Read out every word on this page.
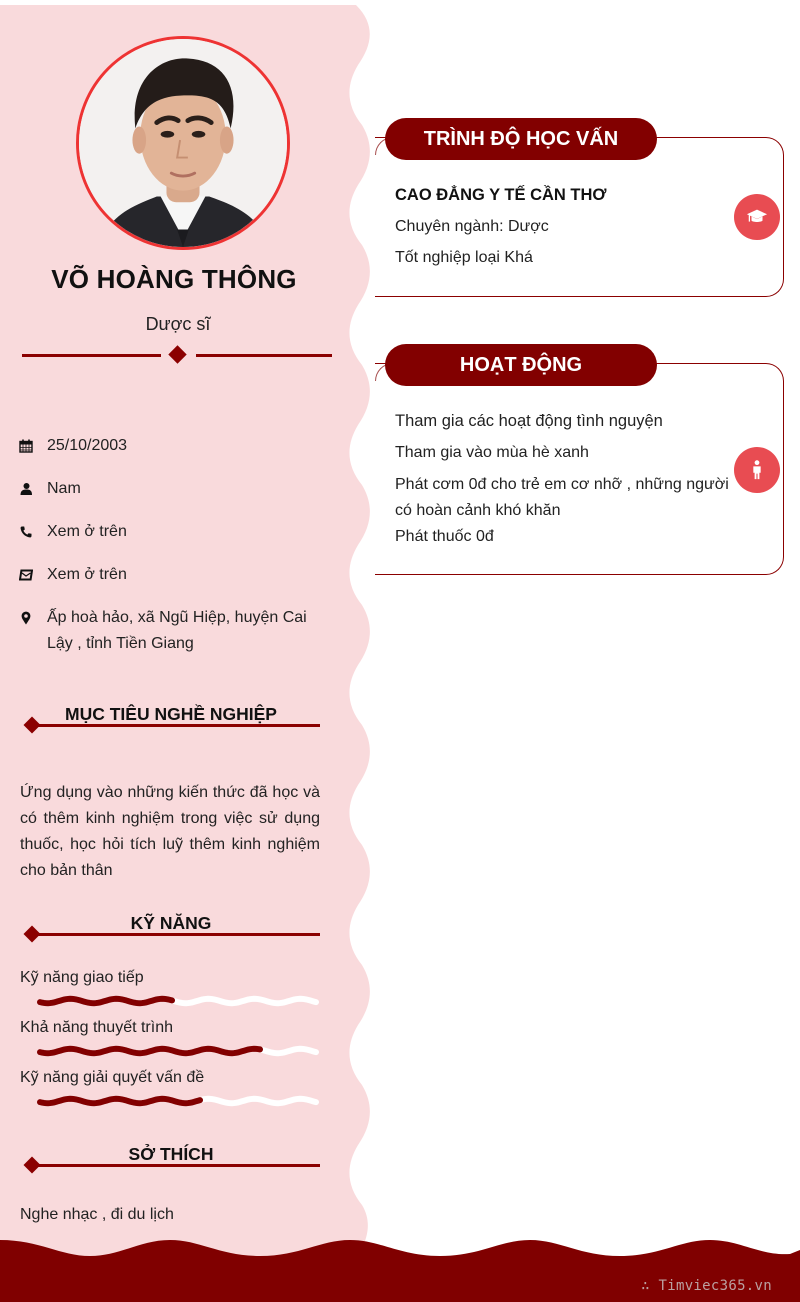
VÕ HOÀNG THÔNG
Dược sĩ
25/10/2003
Nam
Xem ở trên
Xem ở trên
Ấp hoà hảo, xã Ngũ Hiệp, huyện Cai Lậy , tỉnh Tiền Giang
MỤC TIÊU NGHỀ NGHIỆP
Ứng dụng vào những kiến thức đã học và có thêm kinh nghiệm trong việc sử dụng thuốc, học hỏi tích luỹ thêm kinh nghiệm cho bản thân
KỸ NĂNG
Kỹ năng giao tiếp
Khả năng thuyết trình
Kỹ năng giải quyết vấn đề
SỞ THÍCH
Nghe nhạc , đi du lịch
TRÌNH ĐỘ HỌC VẤN
CAO ĐẲNG Y TẾ CẦN THƠ
Chuyên ngành: Dược
Tốt nghiệp loại Khá
HOẠT ĐỘNG
Tham gia các hoạt động tình nguyện
Tham gia vào mùa hè xanh
Phát cơm 0đ cho trẻ em cơ nhỡ , những người có hoàn cảnh khó khăn
Phát thuốc 0đ
∴ Timviec365.vn
